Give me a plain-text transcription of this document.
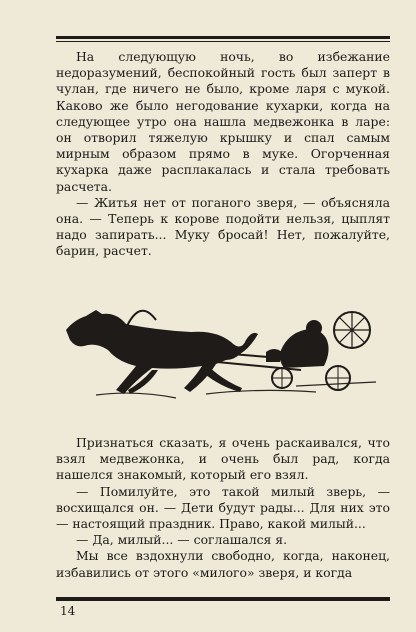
На следующую ночь, во избежание недоразумений, беспокойный гость был заперт в чулан, где ничего не было, кроме ларя с мукой. Каково же было негодование кухарки, когда на следующее утро она нашла медвежонка в ларе: он отворил тяжелую крышку и спал самым мирным образом прямо в муке. Огорченная кухарка даже расплакалась и стала требовать расчета.

— Житья нет от поганого зверя, — объясняла она. — Теперь к корове подойти нельзя, цыплят надо запирать... Муку бросай! Нет, пожалуйте, барин, расчет.

Признаться сказать, я очень раскаивался, что взял медвежонка, и очень был рад, когда нашелся знакомый, который его взял.

— Помилуйте, это такой милый зверь, — восхищался он. — Дети будут рады... Для них это — настоящий праздник. Право, какой милый...

— Да, милый... — соглашался я.

Мы все вздохнули свободно, когда, наконец, избавились от этого «милого» зверя, и когда

14
